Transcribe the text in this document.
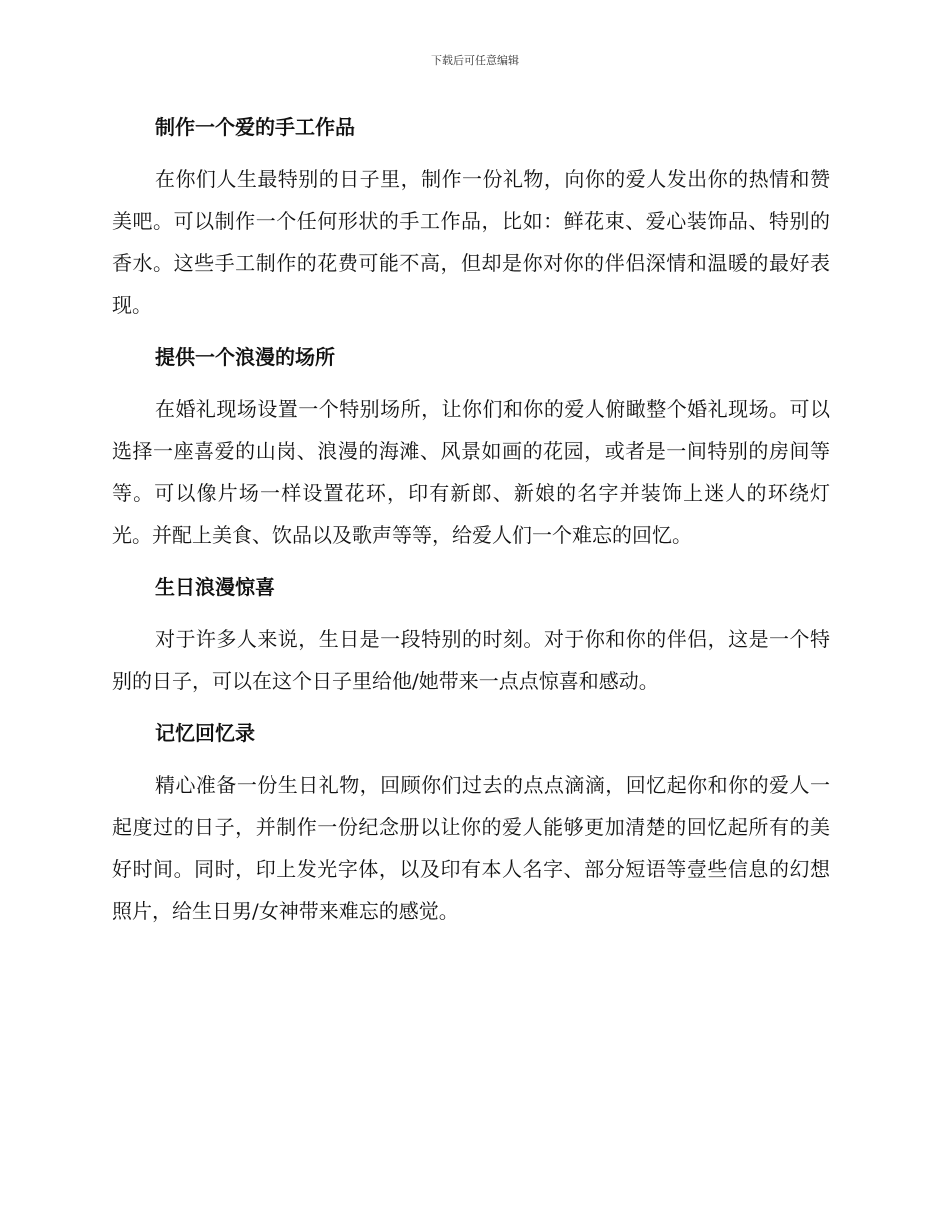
下载后可任意编辑
制作一个爱的手工作品

在你们人生最特别的日子里，制作一份礼物，向你的爱人发出你的热情和赞美吧。可以制作一个任何形状的手工作品，比如：鲜花束、爱心装饰品、特别的香水。这些手工制作的花费可能不高，但却是你对你的伴侣深情和温暖的最好表现。

提供一个浪漫的场所

在婚礼现场设置一个特别场所，让你们和你的爱人俯瞰整个婚礼现场。可以选择一座喜爱的山岗、浪漫的海滩、风景如画的花园，或者是一间特别的房间等等。可以像片场一样设置花环，印有新郎、新娘的名字并装饰上迷人的环绕灯光。并配上美食、饮品以及歌声等等，给爱人们一个难忘的回忆。

生日浪漫惊喜

对于许多人来说，生日是一段特别的时刻。对于你和你的伴侣，这是一个特别的日子，可以在这个日子里给他/她带来一点点惊喜和感动。

记忆回忆录

精心准备一份生日礼物，回顾你们过去的点点滴滴，回忆起你和你的爱人一起度过的日子，并制作一份纪念册以让你的爱人能够更加清楚的回忆起所有的美好时间。同时，印上发光字体，以及印有本人名字、部分短语等壹些信息的幻想照片，给生日男/女神带来难忘的感觉。
